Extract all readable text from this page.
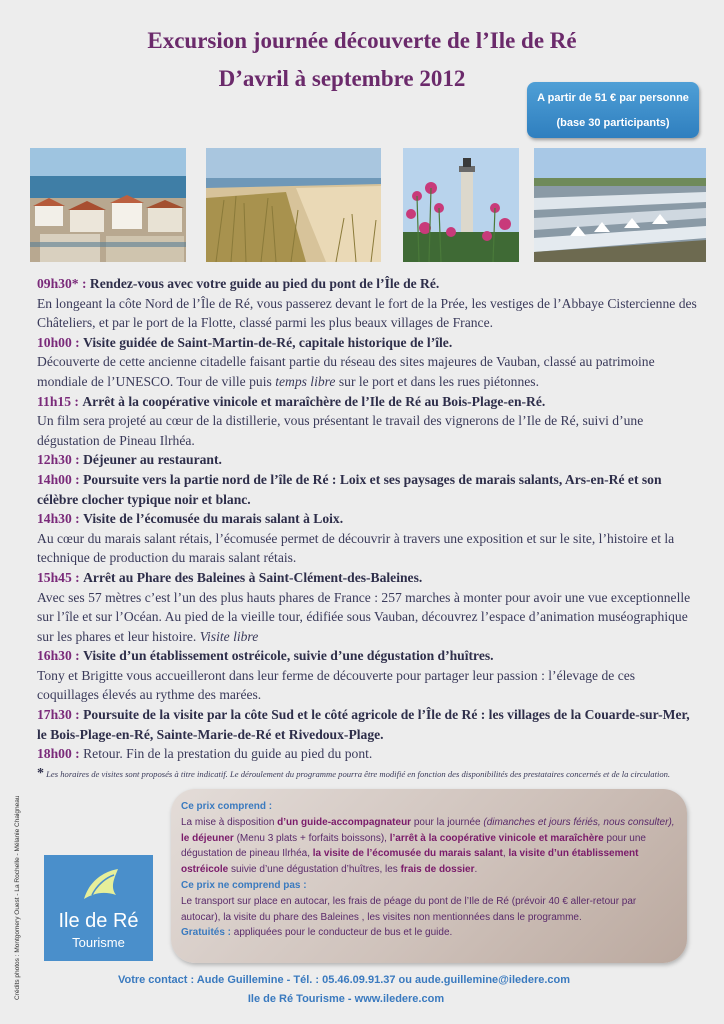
Excursion journée découverte de l’Ile de Ré
D’avril à septembre 2012
A partir de 51 € par personne
(base 30 participants)

09h30* : Rendez-vous avec votre guide au pied du pont de l’Île de Ré.
En longeant la côte Nord de l’Île de Ré, vous passerez devant le fort de la Prée, les vestiges de l’Abbaye Cistercienne des Châteliers, et par le port de la Flotte, classé parmi les plus beaux villages de France.

10h00 : Visite guidée de Saint-Martin-de-Ré, capitale historique de l’île.
Découverte de cette ancienne citadelle faisant partie du réseau des sites majeures de Vauban, classé au patrimoine mondiale de l’UNESCO. Tour de ville puis temps libre sur le port et dans les rues piétonnes.

11h15 : Arrêt à la coopérative vinicole et maraîchère de l’Ile de Ré au Bois-Plage-en-Ré.
Un film sera projeté au cœur de la distillerie, vous présentant le travail des vignerons de l’Ile de Ré, suivi d’une dégustation de Pineau Ilrhéa.

12h30 : Déjeuner au restaurant.

14h00 : Poursuite vers la partie nord de l’île de Ré : Loix et ses paysages de marais salants, Ars-en-Ré et son célèbre clocher typique noir et blanc.

14h30 : Visite de l’écomusée du marais salant à Loix.
Au cœur du marais salant rétais, l’écomusée permet de découvrir à travers une exposition et sur le site, l’histoire et la technique de production du marais salant rétais.

15h45 : Arrêt au Phare des Baleines à Saint-Clément-des-Baleines.
Avec ses 57 mètres c’est l’un des plus hauts phares de France : 257 marches à monter pour avoir une vue exceptionnelle sur l’île et sur l’Océan. Au pied de la vieille tour, édifiée sous Vauban, découvrez l’espace d’animation muséographique sur les phares et leur histoire. Visite libre

16h30 : Visite d’un établissement ostréicole, suivie d’une dégustation d’huîtres.
Tony et Brigitte vous accueilleront dans leur ferme de découverte pour partager leur passion : l’élevage de ces coquillages élevés au rythme des marées.

17h30 : Poursuite de la visite par la côte Sud et le côté agricole de l’Île de Ré : les villages de la Couarde-sur-Mer, le Bois-Plage-en-Ré, Sainte-Marie-de-Ré et Rivedoux-Plage.

18h00 : Retour. Fin de la prestation du guide au pied du pont.

* Les horaires de visites sont proposés à titre indicatif. Le déroulement du programme pourra être modifié en fonction des disponibilités des prestataires concernés et de la circulation.

Crédits photos : Montgomery Ouest - La Rochelle - Mélanie Chaigneau	Ile de Ré
Tourisme

Ce prix comprend :

La mise à disposition d’un guide-accompagnateur pour la journée (dimanches et jours fériés, nous consulter),
le déjeuner (Menu 3 plats + forfaits boissons), l’arrêt à la coopérative vinicole et maraîchère pour une dégustation de pineau Ilrhéa, la visite de l’écomusée du marais salant, la visite d’un établissement ostréicole suivie d’une dégustation d’huîtres, les frais de dossier.

Ce prix ne comprend pas :

Le transport sur place en autocar, les frais de péage du pont de l’Ile de Ré (prévoir 40 € aller-retour par autocar), la visite du phare des Baleines , les visites non mentionnées dans le programme.

Gratuités : appliquées pour le conducteur de bus et le guide.

Votre contact : Aude Guillemine - Tél. : 05.46.09.91.37 ou aude.guillemine@iledere.com
Ile de Ré Tourisme - www.iledere.com
